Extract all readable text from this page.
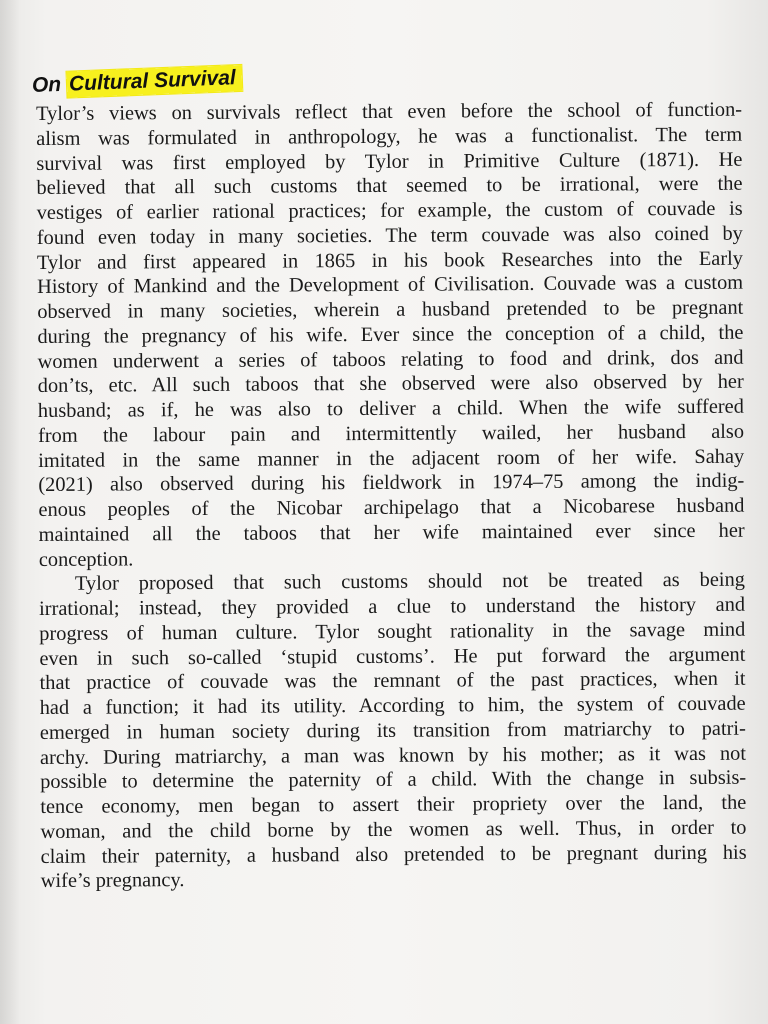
On Cultural Survival
Tylor’s views on survivals reflect that even before the school of function-
alism was formulated in anthropology, he was a functionalist. The term
survival was first employed by Tylor in Primitive Culture (1871). He
believed that all such customs that seemed to be irrational, were the
vestiges of earlier rational practices; for example, the custom of couvade is
found even today in many societies. The term couvade was also coined by
Tylor and first appeared in 1865 in his book Researches into the Early
History of Mankind and the Development of Civilisation. Couvade was a custom
observed in many societies, wherein a husband pretended to be pregnant
during the pregnancy of his wife. Ever since the conception of a child, the
women underwent a series of taboos relating to food and drink, dos and
don’ts, etc. All such taboos that she observed were also observed by her
husband; as if, he was also to deliver a child. When the wife suffered
from the labour pain and intermittently wailed, her husband also
imitated in the same manner in the adjacent room of her wife. Sahay
(2021) also observed during his fieldwork in 1974–75 among the indig-
enous peoples of the Nicobar archipelago that a Nicobarese husband
maintained all the taboos that her wife maintained ever since her
conception.
Tylor proposed that such customs should not be treated as being
irrational; instead, they provided a clue to understand the history and
progress of human culture. Tylor sought rationality in the savage mind
even in such so-called ‘stupid customs’. He put forward the argument
that practice of couvade was the remnant of the past practices, when it
had a function; it had its utility. According to him, the system of couvade
emerged in human society during its transition from matriarchy to patri-
archy. During matriarchy, a man was known by his mother; as it was not
possible to determine the paternity of a child. With the change in subsis-
tence economy, men began to assert their propriety over the land, the
woman, and the child borne by the women as well. Thus, in order to
claim their paternity, a husband also pretended to be pregnant during his
wife’s pregnancy.
